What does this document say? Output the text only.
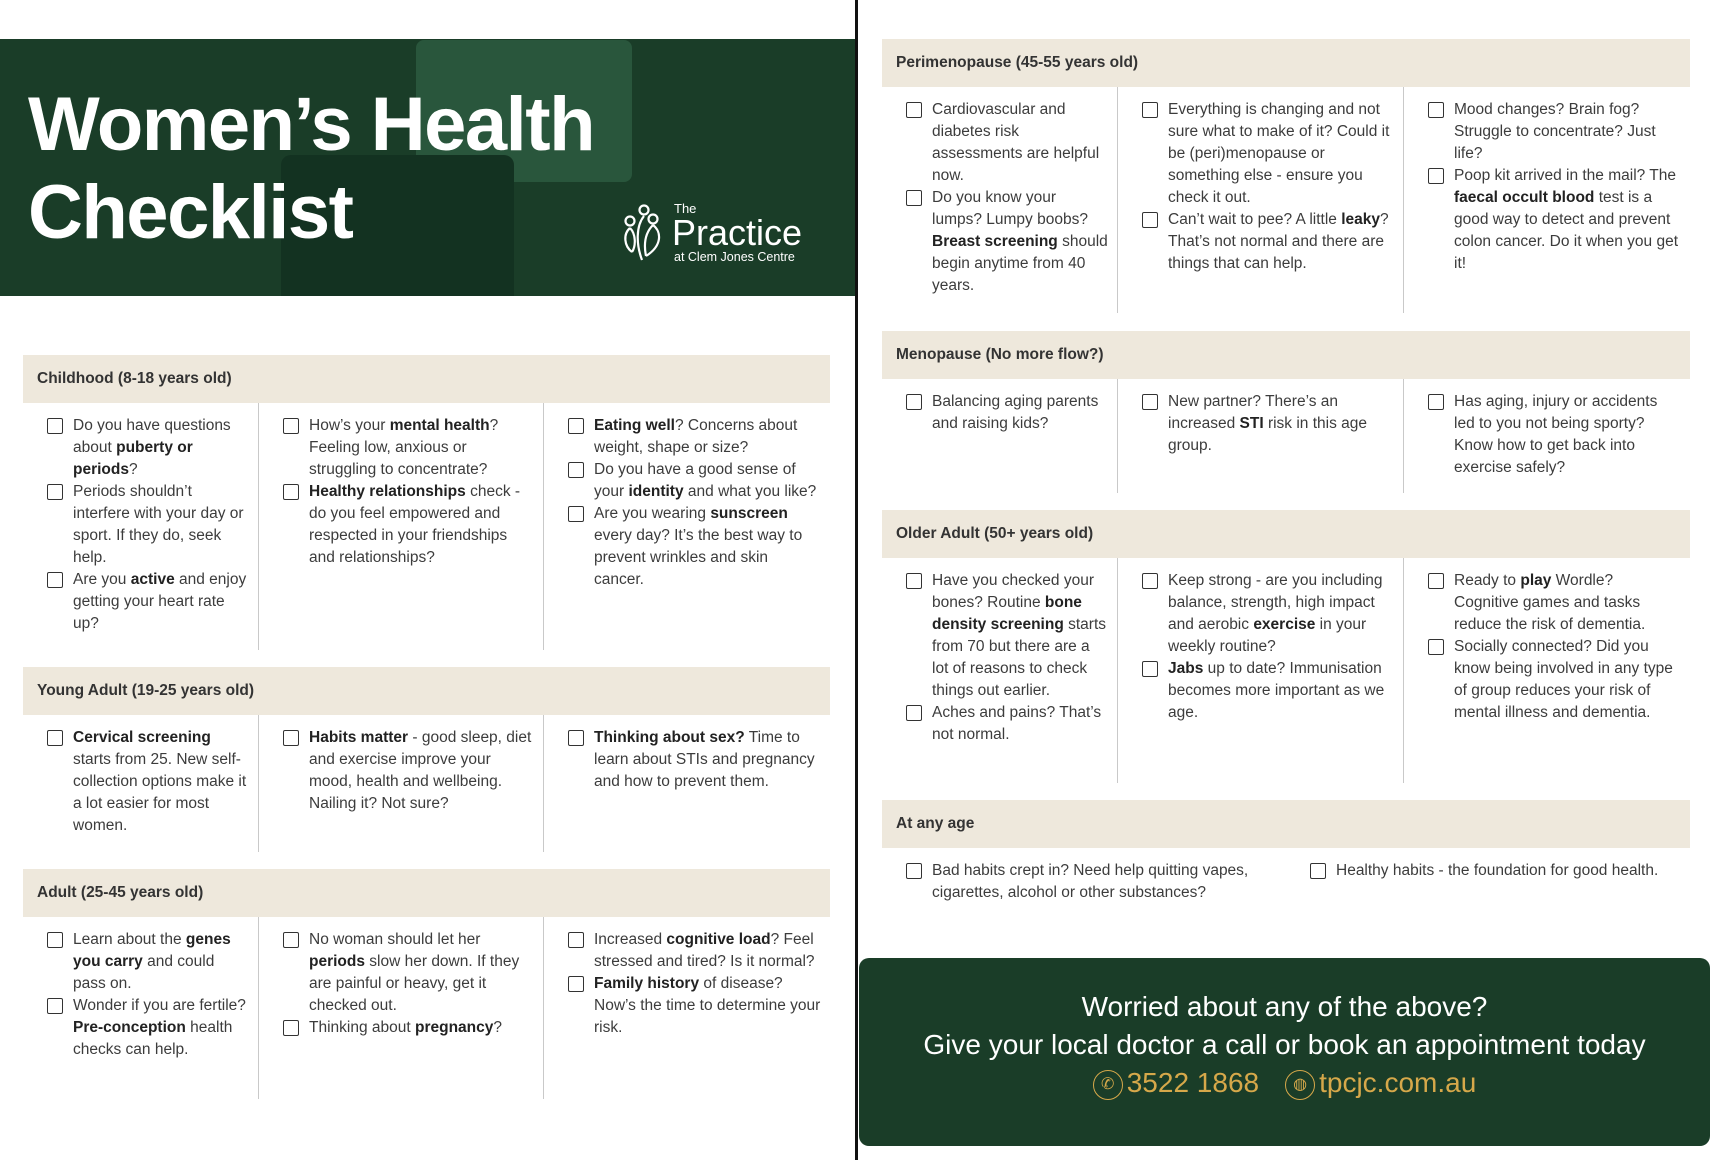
Women’s Health
Checklist	The
Practice
at Clem Jones Centre
Worried about any of the above?
Give your local doctor a call or book an appointment today
✆ 3522 1868	◍ tpcjc.com.au
Childhood (8-18 years old)
Do you have questions about puberty or periods?
Periods shouldn’t interfere with your day or sport. If they do, seek help.
Are you active and enjoy getting your heart rate up?
How’s your mental health? Feeling low, anxious or struggling to concentrate?
Healthy relationships check - do you feel empowered and respected in your friendships and relationships?
Eating well? Concerns about weight, shape or size?
Do you have a good sense of your identity and what you like?
Are you wearing sunscreen every day? It’s the best way to prevent wrinkles and skin cancer.
Young Adult (19-25 years old)
Cervical screening starts from 25. New self-collection options make it a lot easier for most women.
Habits matter - good sleep, diet and exercise improve your mood, health and wellbeing. Nailing it? Not sure?
Thinking about sex? Time to learn about STIs and pregnancy and how to prevent them.
Adult (25-45 years old)
Learn about the genes you carry and could pass on.
Wonder if you are fertile? Pre-conception health checks can help.
No woman should let her periods slow her down. If they are painful or heavy, get it checked out.
Thinking about pregnancy?
Increased cognitive load? Feel stressed and tired? Is it normal?
Family history of disease? Now’s the time to determine your risk.
Perimenopause (45-55 years old)
Cardiovascular and diabetes risk assessments are helpful now.
Do you know your lumps? Lumpy boobs? Breast screening should begin anytime from 40 years.
Everything is changing and not sure what to make of it? Could it be (peri)menopause or something else - ensure you check it out.
Can’t wait to pee? A little leaky? That’s not normal and there are things that can help.
Mood changes? Brain fog? Struggle to concentrate? Just life?
Poop kit arrived in the mail? The faecal occult blood test is a good way to detect and prevent colon cancer. Do it when you get it!
Menopause (No more flow?)
Balancing aging parents and raising kids?
New partner? There’s an increased STI risk in this age group.
Has aging, injury or accidents led to you not being sporty? Know how to get back into exercise safely?
Older Adult (50+ years old)
Have you checked your bones? Routine bone density screening starts from 70 but there are a lot of reasons to check things out earlier.
Aches and pains? That’s not normal.
Keep strong - are you including balance, strength, high impact and aerobic exercise in your weekly routine?
Jabs up to date? Immunisation becomes more important as we age.
Ready to play Wordle? Cognitive games and tasks reduce the risk of dementia.
Socially connected? Did you know being involved in any type of group reduces your risk of mental illness and dementia.
At any age
Bad habits crept in? Need help quitting vapes, cigarettes, alcohol or other substances?
Healthy habits - the foundation for good health.
